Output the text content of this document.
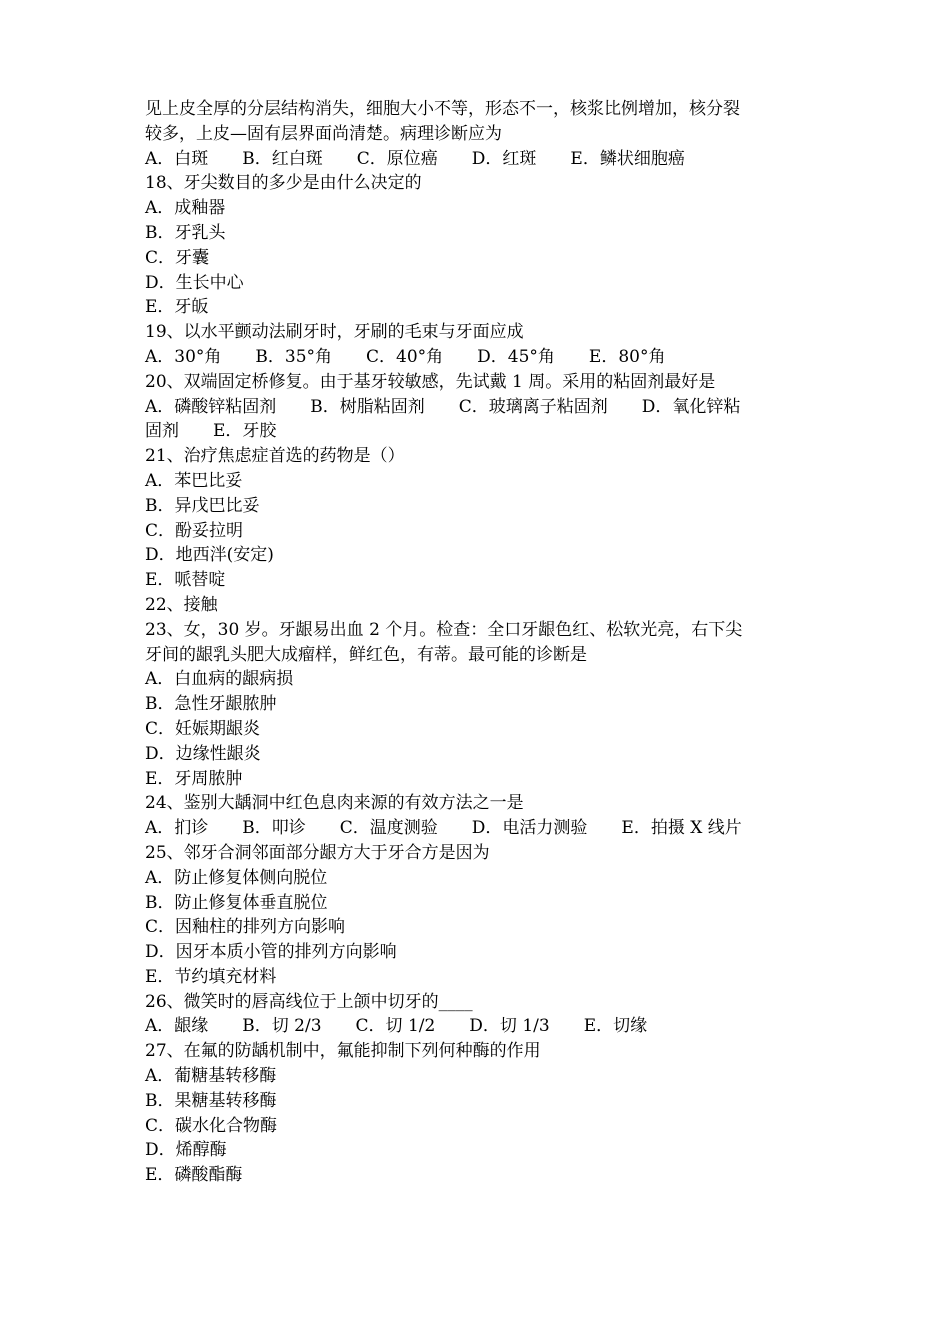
见上皮全厚的分层结构消失，细胞大小不等，形态不一，核浆比例增加，核分裂

较多，上皮—固有层界面尚清楚。病理诊断应为

A．白斑　　B．红白斑　　C．原位癌　　D．红斑　　E．鳞状细胞癌

18、牙尖数目的多少是由什么决定的

A．成釉器

B．牙乳头

C．牙囊

D．生长中心

E．牙皈

19、以水平颤动法刷牙时，牙刷的毛束与牙面应成

A．30°角　　B．35°角　　C．40°角　　D．45°角　　E．80°角

20、双端固定桥修复。由于基牙较敏感，先试戴 1 周。采用的粘固剂最好是

A．磷酸锌粘固剂　　B．树脂粘固剂　　C．玻璃离子粘固剂　　D．氧化锌粘

固剂　　E．牙胶

21、治疗焦虑症首选的药物是（）

A．苯巴比妥

B．异戊巴比妥

C．酚妥拉明

D．地西泮(安定)

E．哌替啶

22、接触

23、女，30 岁。牙龈易出血 2 个月。检查：全口牙龈色红、松软光亮，右下尖

牙间的龈乳头肥大成瘤样，鲜红色，有蒂。最可能的诊断是

A．白血病的龈病损

B．急性牙龈脓肿

C．妊娠期龈炎

D．边缘性龈炎

E．牙周脓肿

24、鉴别大龋洞中红色息肉来源的有效方法之一是

A．扪诊　　B．叩诊　　C．温度测验　　D．电活力测验　　E．拍摄 X 线片

25、邻牙合洞邻面部分龈方大于牙合方是因为

A．防止修复体侧向脱位

B．防止修复体垂直脱位

C．因釉柱的排列方向影响

D．因牙本质小管的排列方向影响

E．节约填充材料

26、微笑时的唇高线位于上颌中切牙的____

A．龈缘　　B．切 2/3　　C．切 1/2　　D．切 1/3　　E．切缘

27、在氟的防龋机制中，氟能抑制下列何种酶的作用

A．葡糖基转移酶

B．果糖基转移酶

C．碳水化合物酶

D．烯醇酶

E．磷酸酯酶
